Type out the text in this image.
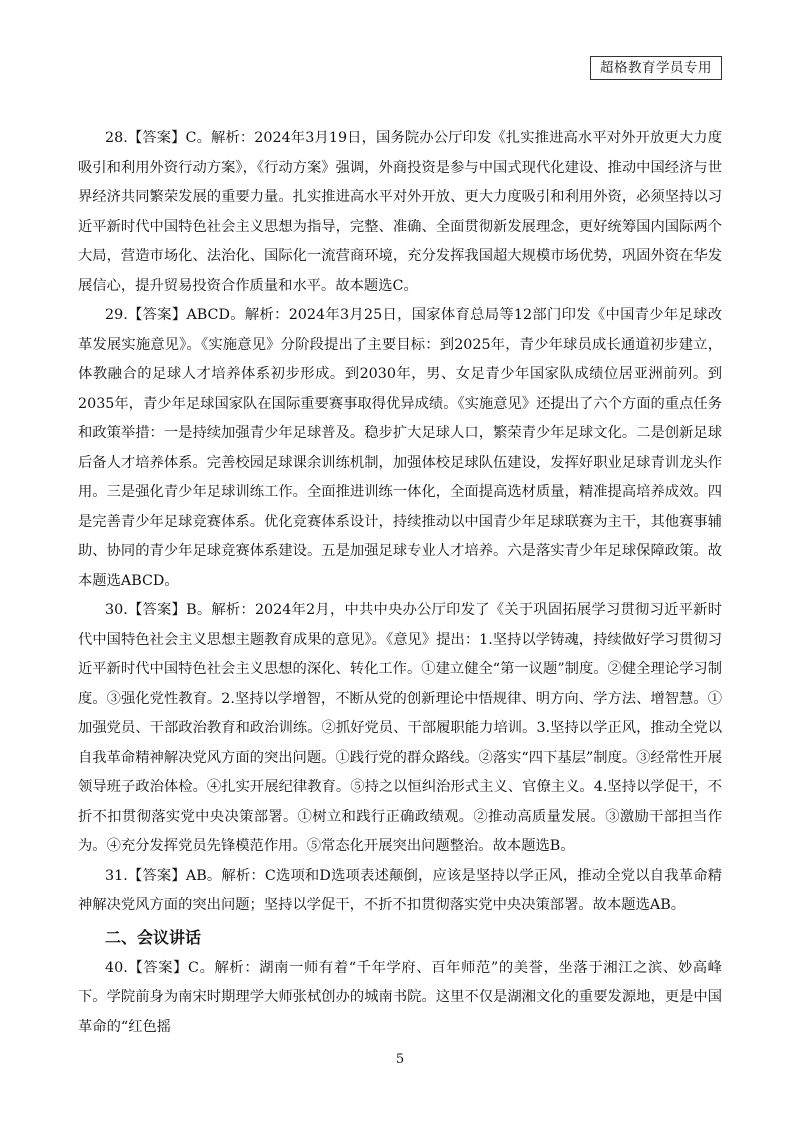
超格教育学员专用

28.【答案】C。解析：2024年3月19日，国务院办公厅印发《扎实推进高水平对外开放更大力度吸引和利用外资行动方案》，《行动方案》强调，外商投资是参与中国式现代化建设、推动中国经济与世界经济共同繁荣发展的重要力量。扎实推进高水平对外开放、更大力度吸引和利用外资，必须坚持以习近平新时代中国特色社会主义思想为指导，完整、准确、全面贯彻新发展理念，更好统筹国内国际两个大局，营造市场化、法治化、国际化一流营商环境，充分发挥我国超大规模市场优势，巩固外资在华发展信心，提升贸易投资合作质量和水平。故本题选C。

29.【答案】ABCD。解析：2024年3月25日，国家体育总局等12部门印发《中国青少年足球改革发展实施意见》。《实施意见》分阶段提出了主要目标：到2025年，青少年球员成长通道初步建立，体教融合的足球人才培养体系初步形成。到2030年，男、女足青少年国家队成绩位居亚洲前列。到2035年，青少年足球国家队在国际重要赛事取得优异成绩。《实施意见》还提出了六个方面的重点任务和政策举措：一是持续加强青少年足球普及。稳步扩大足球人口，繁荣青少年足球文化。二是创新足球后备人才培养体系。完善校园足球课余训练机制，加强体校足球队伍建设，发挥好职业足球青训龙头作用。三是强化青少年足球训练工作。全面推进训练一体化，全面提高选材质量，精准提高培养成效。四是完善青少年足球竞赛体系。优化竞赛体系设计，持续推动以中国青少年足球联赛为主干，其他赛事辅助、协同的青少年足球竞赛体系建设。五是加强足球专业人才培养。六是落实青少年足球保障政策。故本题选ABCD。

30.【答案】B。解析：2024年2月，中共中央办公厅印发了《关于巩固拓展学习贯彻习近平新时代中国特色社会主义思想主题教育成果的意见》。《意见》提出：1.坚持以学铸魂，持续做好学习贯彻习近平新时代中国特色社会主义思想的深化、转化工作。①建立健全“第一议题”制度。②健全理论学习制度。③强化党性教育。2.坚持以学增智，不断从党的创新理论中悟规律、明方向、学方法、增智慧。①加强党员、干部政治教育和政治训练。②抓好党员、干部履职能力培训。3.坚持以学正风，推动全党以自我革命精神解决党风方面的突出问题。①践行党的群众路线。②落实“四下基层”制度。③经常性开展领导班子政治体检。④扎实开展纪律教育。⑤持之以恒纠治形式主义、官僚主义。4.坚持以学促干，不折不扣贯彻落实党中央决策部署。①树立和践行正确政绩观。②推动高质量发展。③激励干部担当作为。④充分发挥党员先锋模范作用。⑤常态化开展突出问题整治。故本题选B。

31.【答案】AB。解析：C选项和D选项表述颠倒，应该是坚持以学正风，推动全党以自我革命精神解决党风方面的突出问题；坚持以学促干，不折不扣贯彻落实党中央决策部署。故本题选AB。

二、会议讲话

40.【答案】C。解析：湖南一师有着“千年学府、百年师范”的美誉，坐落于湘江之滨、妙高峰下。学院前身为南宋时期理学大师张栻创办的城南书院。这里不仅是湖湘文化的重要发源地，更是中国革命的“红色摇

5
